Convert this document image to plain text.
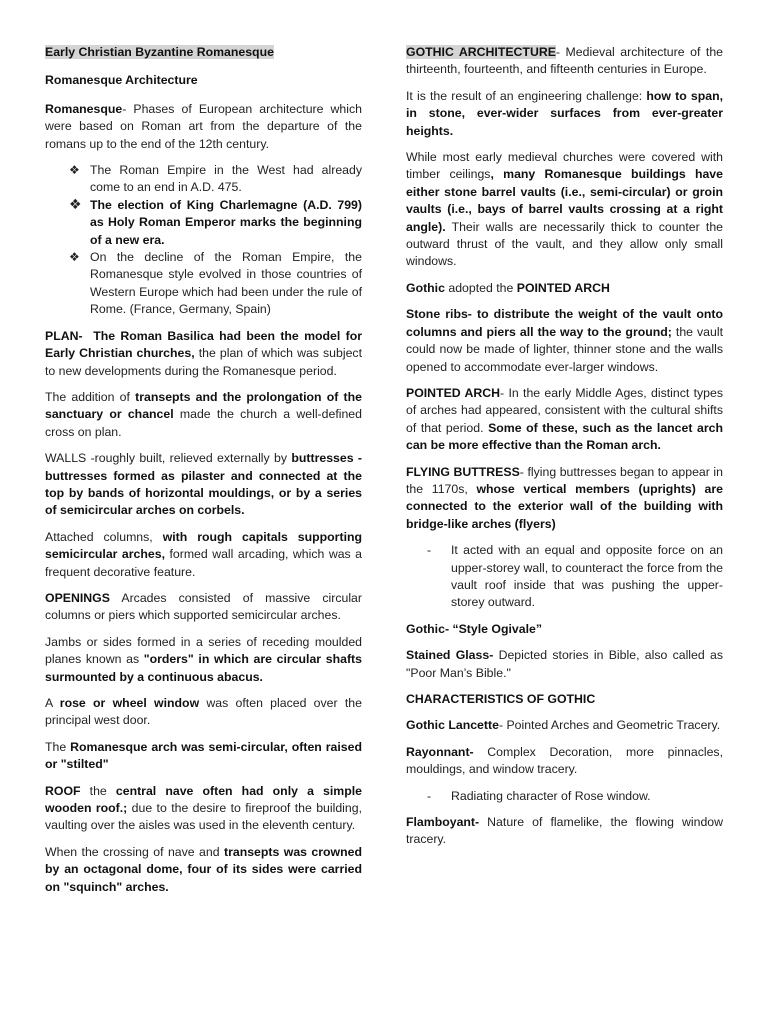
Early Christian Byzantine Romanesque

Romanesque Architecture

Romanesque- Phases of European architecture which were based on Roman art from the departure of the romans up to the end of the 12th century.

❖ The Roman Empire in the West had already come to an end in A.D. 475.
❖ The election of King Charlemagne (A.D. 799) as Holy Roman Emperor marks the beginning of a new era.
❖ On the decline of the Roman Empire, the Romanesque style evolved in those countries of Western Europe which had been under the rule of Rome. (France, Germany, Spain)

PLAN- The Roman Basilica had been the model for Early Christian churches, the plan of which was subject to new developments during the Romanesque period.

The addition of transepts and the prolongation of the sanctuary or chancel made the church a well-defined cross on plan.

WALLS -roughly built, relieved externally by buttresses - buttresses formed as pilaster and connected at the top by bands of horizontal mouldings, or by a series of semicircular arches on corbels.

Attached columns, with rough capitals supporting semicircular arches, formed wall arcading, which was a frequent decorative feature.

OPENINGS Arcades consisted of massive circular columns or piers which supported semicircular arches.

Jambs or sides formed in a series of receding moulded planes known as "orders" in which are circular shafts surmounted by a continuous abacus.

A rose or wheel window was often placed over the principal west door.

The Romanesque arch was semi-circular, often raised or "stilted"

ROOF the central nave often had only a simple wooden roof.; due to the desire to fireproof the building, vaulting over the aisles was used in the eleventh century.

When the crossing of nave and transepts was crowned by an octagonal dome, four of its sides were carried on "squinch" arches.

GOTHIC ARCHITECTURE- Medieval architecture of the thirteenth, fourteenth, and fifteenth centuries in Europe.

It is the result of an engineering challenge: how to span, in stone, ever-wider surfaces from ever-greater heights.

While most early medieval churches were covered with timber ceilings, many Romanesque buildings have either stone barrel vaults (i.e., semi-circular) or groin vaults (i.e., bays of barrel vaults crossing at a right angle). Their walls are necessarily thick to counter the outward thrust of the vault, and they allow only small windows.

Gothic adopted the POINTED ARCH

Stone ribs- to distribute the weight of the vault onto columns and piers all the way to the ground; the vault could now be made of lighter, thinner stone and the walls opened to accommodate ever-larger windows.

POINTED ARCH- In the early Middle Ages, distinct types of arches had appeared, consistent with the cultural shifts of that period. Some of these, such as the lancet arch can be more effective than the Roman arch.

FLYING BUTTRESS- flying buttresses began to appear in the 1170s, whose vertical members (uprights) are connected to the exterior wall of the building with bridge-like arches (flyers)

- It acted with an equal and opposite force on an upper-storey wall, to counteract the force from the vault roof inside that was pushing the upper-storey outward.

Gothic- “Style Ogivale”

Stained Glass- Depicted stories in Bible, also called as "Poor Man’s Bible."

CHARACTERISTICS OF GOTHIC

Gothic Lancette- Pointed Arches and Geometric Tracery.

Rayonnant- Complex Decoration, more pinnacles, mouldings, and window tracery.

- Radiating character of Rose window.

Flamboyant- Nature of flamelike, the flowing window tracery.
